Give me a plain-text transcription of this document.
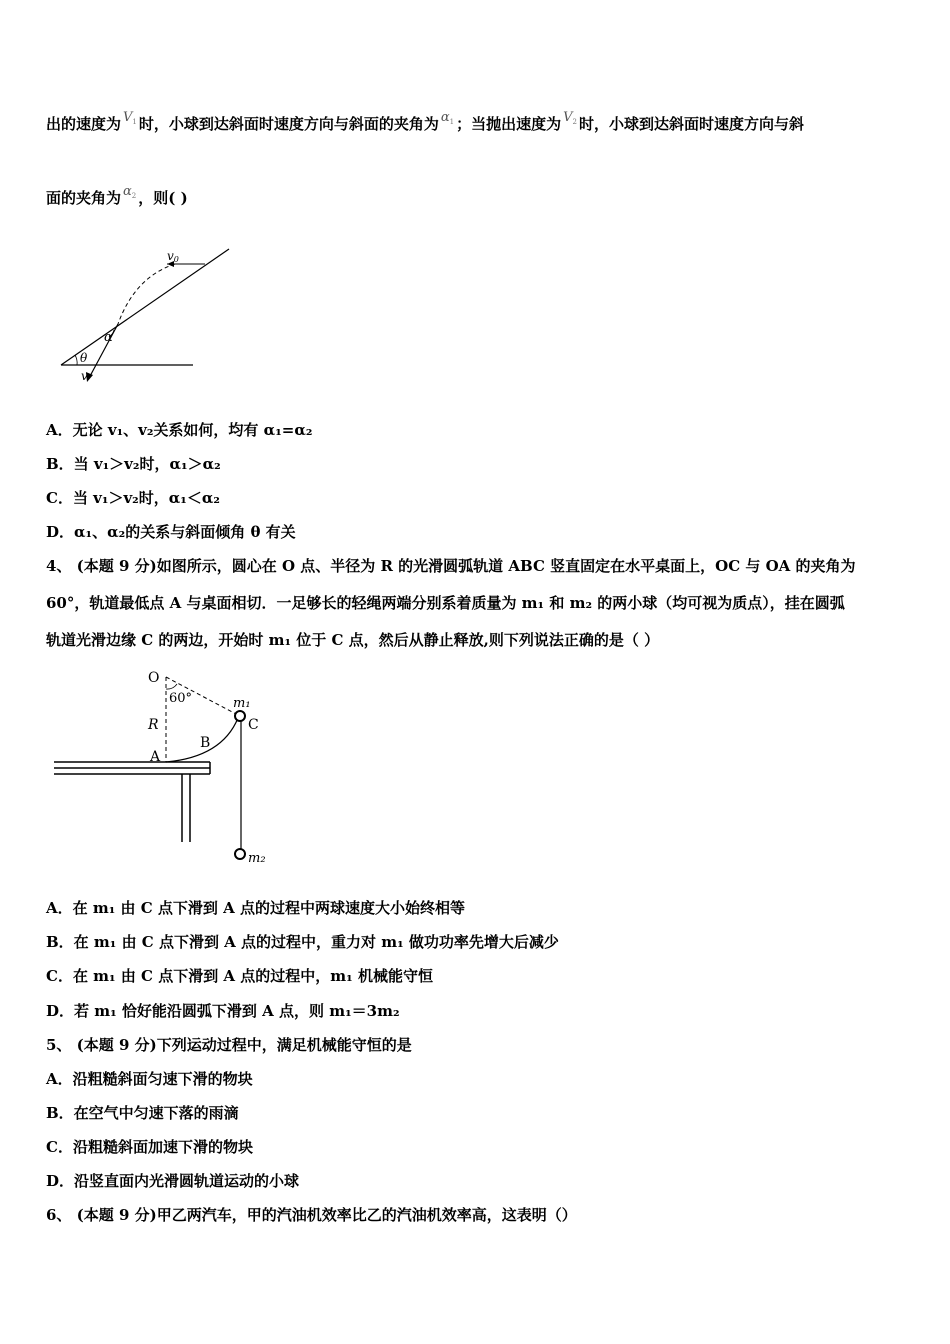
出的速度为 $V_1$ 时，小球到达斜面时速度方向与斜面的夹角为 $\alpha_1$ ；当抛出速度为 $V_2$ 时，小球到达斜面时速度方向与斜
面的夹角为 $\alpha_2$ ，则( )
v0
α
θ
v
A．无论 v₁、v₂关系如何，均有 α₁=α₂
B．当 v₁＞v₂时，α₁＞α₂
C．当 v₁＞v₂时，α₁＜α₂
D．α₁、α₂的关系与斜面倾角 θ 有关
4、 (本题 9 分)如图所示，圆心在 O 点、半径为 R 的光滑圆弧轨道 ABC 竖直固定在水平桌面上，OC 与 OA 的夹角为
60°，轨道最低点 A 与桌面相切．一足够长的轻绳两端分别系着质量为 m₁ 和 m₂ 的两小球（均可视为质点），挂在圆弧
轨道光滑边缘 C 的两边，开始时 m₁ 位于 C 点，然后从静止释放,则下列说法正确的是（ ）
O
60°	m₁
C
R
B
A
m₂
A．在 m₁ 由 C 点下滑到 A 点的过程中两球速度大小始终相等
B．在 m₁ 由 C 点下滑到 A 点的过程中，重力对 m₁ 做功功率先增大后减少
C．在 m₁ 由 C 点下滑到 A 点的过程中，m₁ 机械能守恒
D．若 m₁ 恰好能沿圆弧下滑到 A 点，则 m₁＝3m₂
5、 (本题 9 分)下列运动过程中，满足机械能守恒的是
A．沿粗糙斜面匀速下滑的物块
B．在空气中匀速下落的雨滴
C．沿粗糙斜面加速下滑的物块
D．沿竖直面内光滑圆轨道运动的小球
6、 (本题 9 分)甲乙两汽车，甲的汽油机效率比乙的汽油机效率高，这表明（）
